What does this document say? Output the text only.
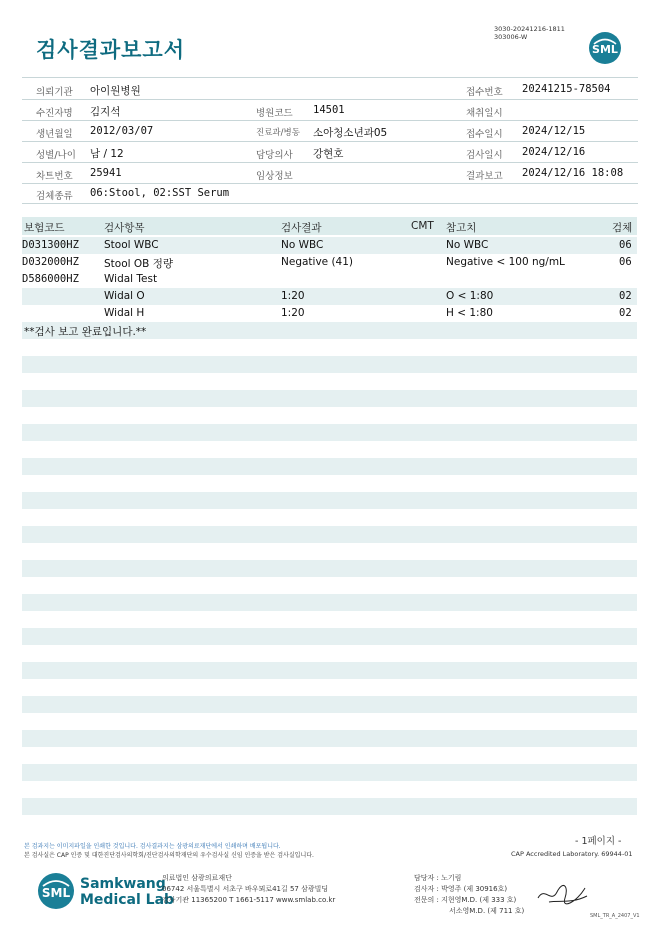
검사결과보고서
3030-20241216-1811
303006-W
SML
의뢰기관 아이원병원	접수번호 20241215-78504
수진자명 김지석	병원코드 14501	채취일시
생년월일 2012/03/07	진료과/병동 소아청소년과05	접수일시 2024/12/15
성별/나이 남 / 12	담당의사 강현호	검사일시 2024/12/16
차트번호 25941	임상정보	결과보고 2024/12/16 18:08
검체종류 06:Stool, 02:SST Serum
보험코드	검사항목	검사결과	CMT 참고치	검체
D031300HZ Stool WBC	No WBC	No WBC	06
D032000HZ Stool OB 정량	Negative (41)	Negative < 100 ng/mL	06
D586000HZ Widal Test
Widal O	1:20	O < 1:80	02
Widal H	1:20	H < 1:80	02
**검사 보고 완료입니다.**
- 1페이지 -
본 검과지는 이미지파일을 인쇄한 것입니다. 검사결과지는 삼광의료재단에서 인쇄하며 배포됩니다.
본 검사실은 CAP 인증 및 대한진단검사의학회/진단검사의학재단의 우수검사실 신임 인증을 받은 검사실입니다.	CAP Accredited Laboratory. 69944-01
SML
Samkwang
Medical Lab
의료법인 삼광의료재단
06742 서울특별시 서초구 바우뫼로41길 57 삼광빌딩
검사기관 11365200 T 1661-5117 www.smlab.co.kr
담당자 : 노기림
검사자 : 박영주 (제 30916호)
전문의 : 지현영M.D. (제 333 호)
서소영M.D. (제 711 호)
SML_TR_A_2407_V1
